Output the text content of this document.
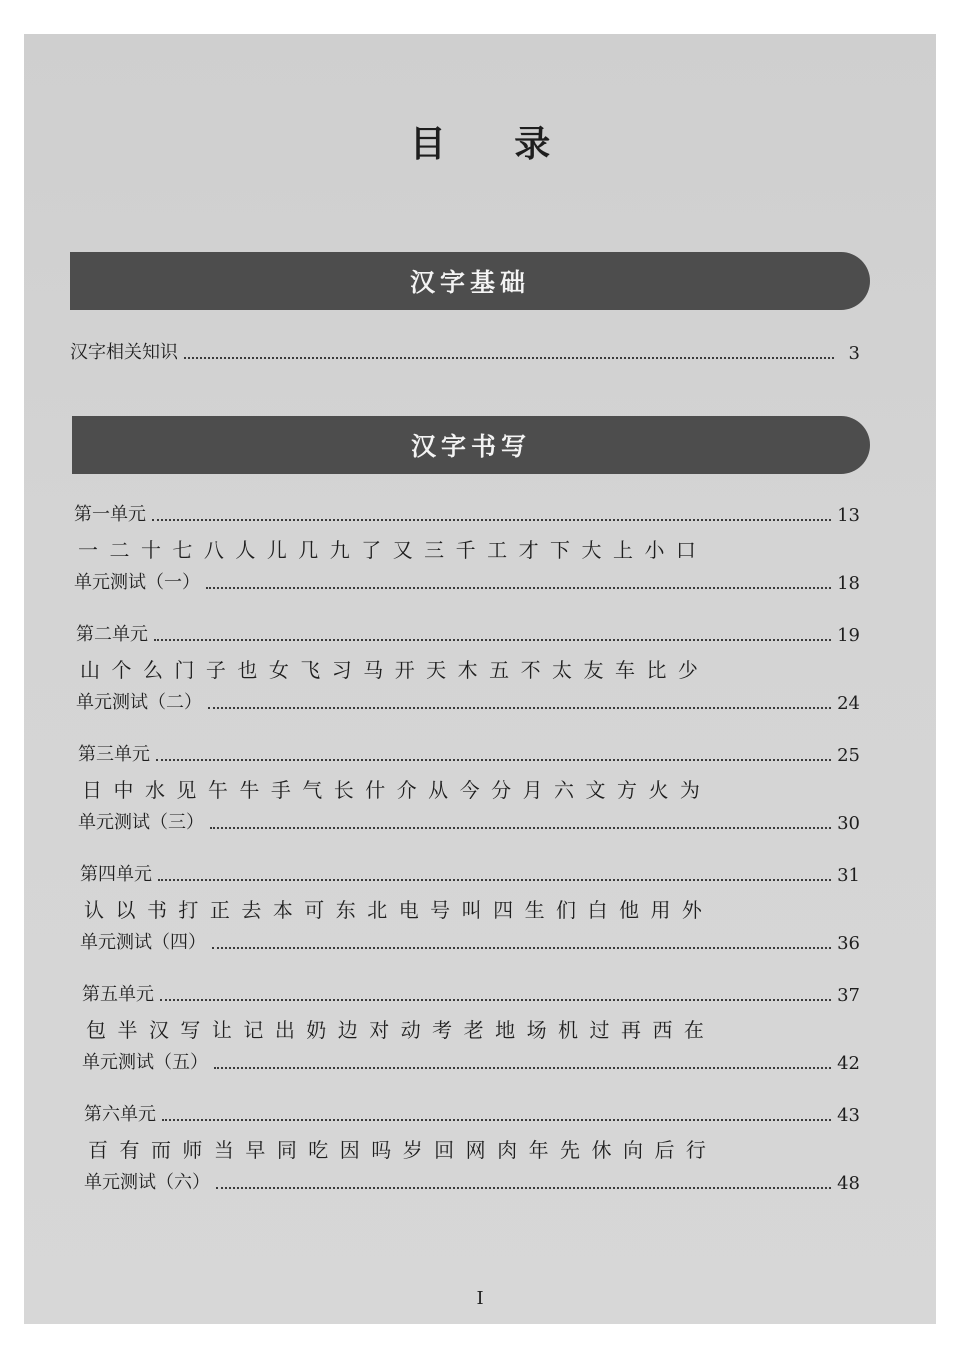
目 录
汉字基础
汉字相关知识	3
汉字书写
第一单元	13
一 二 十 七 八 人 儿 几 九 了 又 三 千 工 才 下 大 上 小 口
单元测试（一）	18
第二单元	19
山 个 么 门 子 也 女 飞 习 马 开 天 木 五 不 太 友 车 比 少
单元测试（二）	24
第三单元	25
日 中 水 见 午 牛 手 气 长 什 介 从 今 分 月 六 文 方 火 为
单元测试（三）	30
第四单元	31
认 以 书 打 正 去 本 可 东 北 电 号 叫 四 生 们 白 他 用 外
单元测试（四）	36
第五单元	37
包 半 汉 写 让 记 出 奶 边 对 动 考 老 地 场 机 过 再 西 在
单元测试（五）	42
第六单元	43
百 有 而 师 当 早 同 吃 因 吗 岁 回 网 肉 年 先 休 向 后 行
单元测试（六）	48
I
